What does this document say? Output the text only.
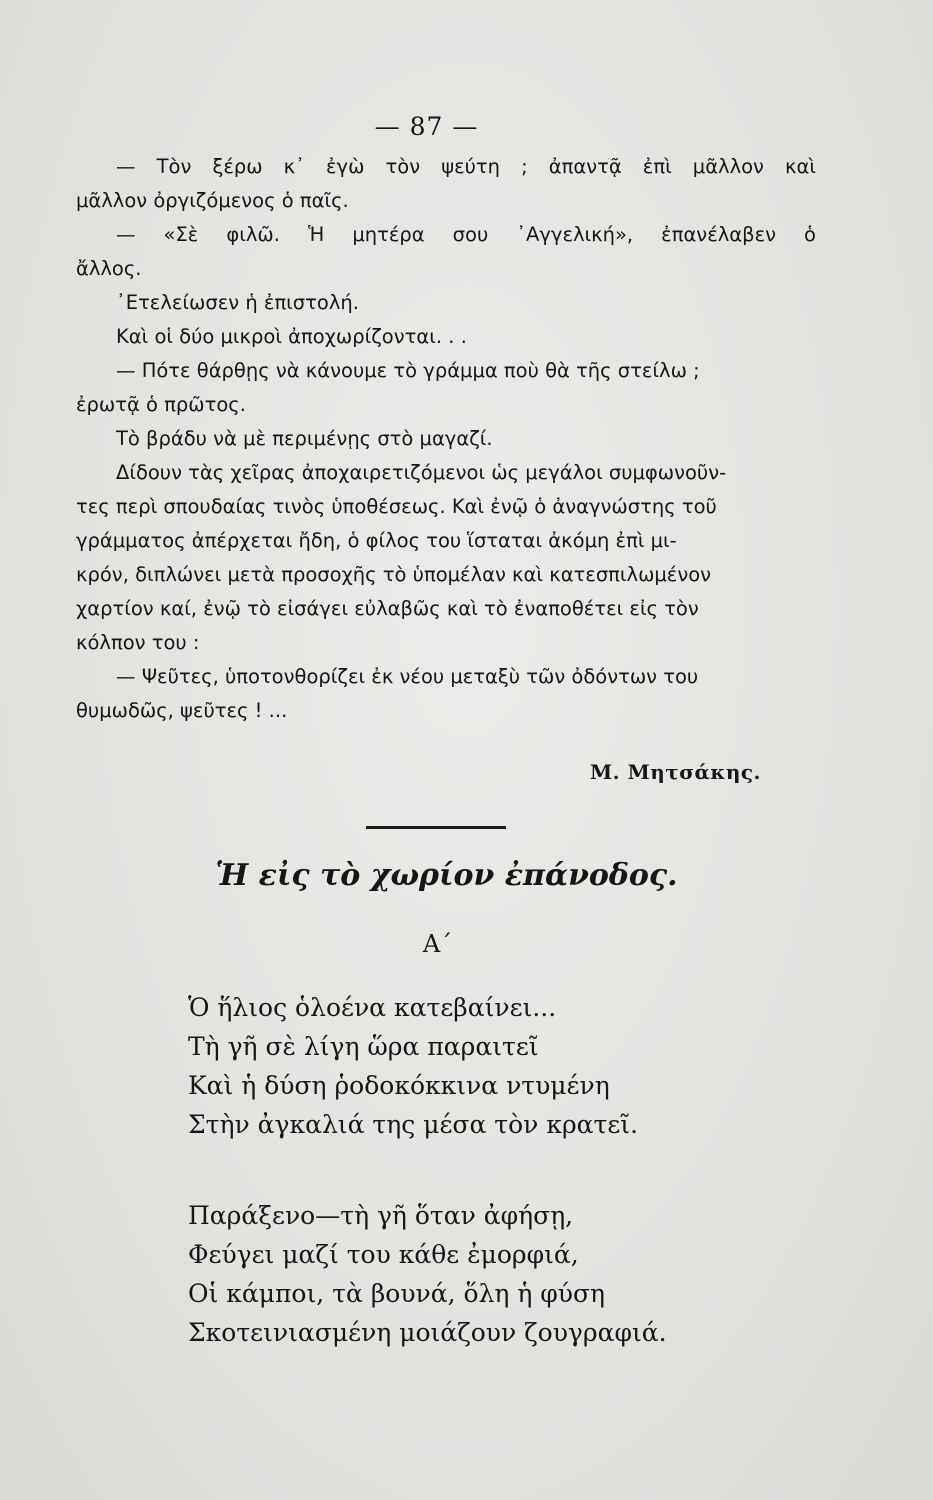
— 87 —
— Τὸν ξέρω κ᾿ ἐγὼ τὸν ψεύτη ; ἀπαντᾷ ἐπὶ μᾶλλον καὶ
μᾶλλον ὀργιζόμενος ὁ παῖς.
— «Σὲ φιλῶ. Ἡ μητέρα σου ᾿Αγγελική», ἐπανέλαβεν ὁ
ἄλλος.
᾿Ετελείωσεν ἡ ἐπιστολή.
Καὶ οἱ δύο μικροὶ ἀποχωρίζονται. . .
— Πότε θάρθῃς νὰ κάνουμε τὸ γράμμα ποὺ θὰ τῆς στείλω ;
ἐρωτᾷ ὁ πρῶτος.
Τὸ βράδυ νὰ μὲ περιμένῃς στὸ μαγαζί.
Δίδουν τὰς χεῖρας ἀποχαιρετιζόμενοι ὡς μεγάλοι συμφωνοῦν-
τες περὶ σπουδαίας τινὸς ὑποθέσεως. Καὶ ἐνῷ ὁ ἀναγνώστης τοῦ
γράμματος ἀπέρχεται ἤδη, ὁ φίλος του ἵσταται ἀκόμη ἐπὶ μι-
κρόν, διπλώνει μετὰ προσοχῆς τὸ ὑπομέλαν καὶ κατεσπιλωμένον
χαρτίον καί, ἐνῷ τὸ εἰσάγει εὐλαβῶς καὶ τὸ ἐναποθέτει εἰς τὸν
κόλπον του :
— Ψεῦτες, ὑποτονθορίζει ἐκ νέου μεταξὺ τῶν ὀδόντων του
θυμωδῶς, ψεῦτες ! ...
Μ. Μητσάκης.
Ἡ εἰς τὸ χωρίον ἐπάνοδος.
Α΄
Ὁ ἥλιος ὁλοένα κατεβαίνει...
Τὴ γῆ σὲ λίγη ὥρα παραιτεῖ
Καὶ ἡ δύση ῥοδοκόκκινα ντυμένη
Στὴν ἀγκαλιά της μέσα τὸν κρατεῖ.
Παράξενο—τὴ γῆ ὅταν ἀφήσῃ,
Φεύγει μαζί του κάθε ἐμορφιά,
Οἱ κάμποι, τὰ βουνά, ὅλη ἡ φύση
Σκοτεινιασμένη μοιάζουν ζουγραφιά.
